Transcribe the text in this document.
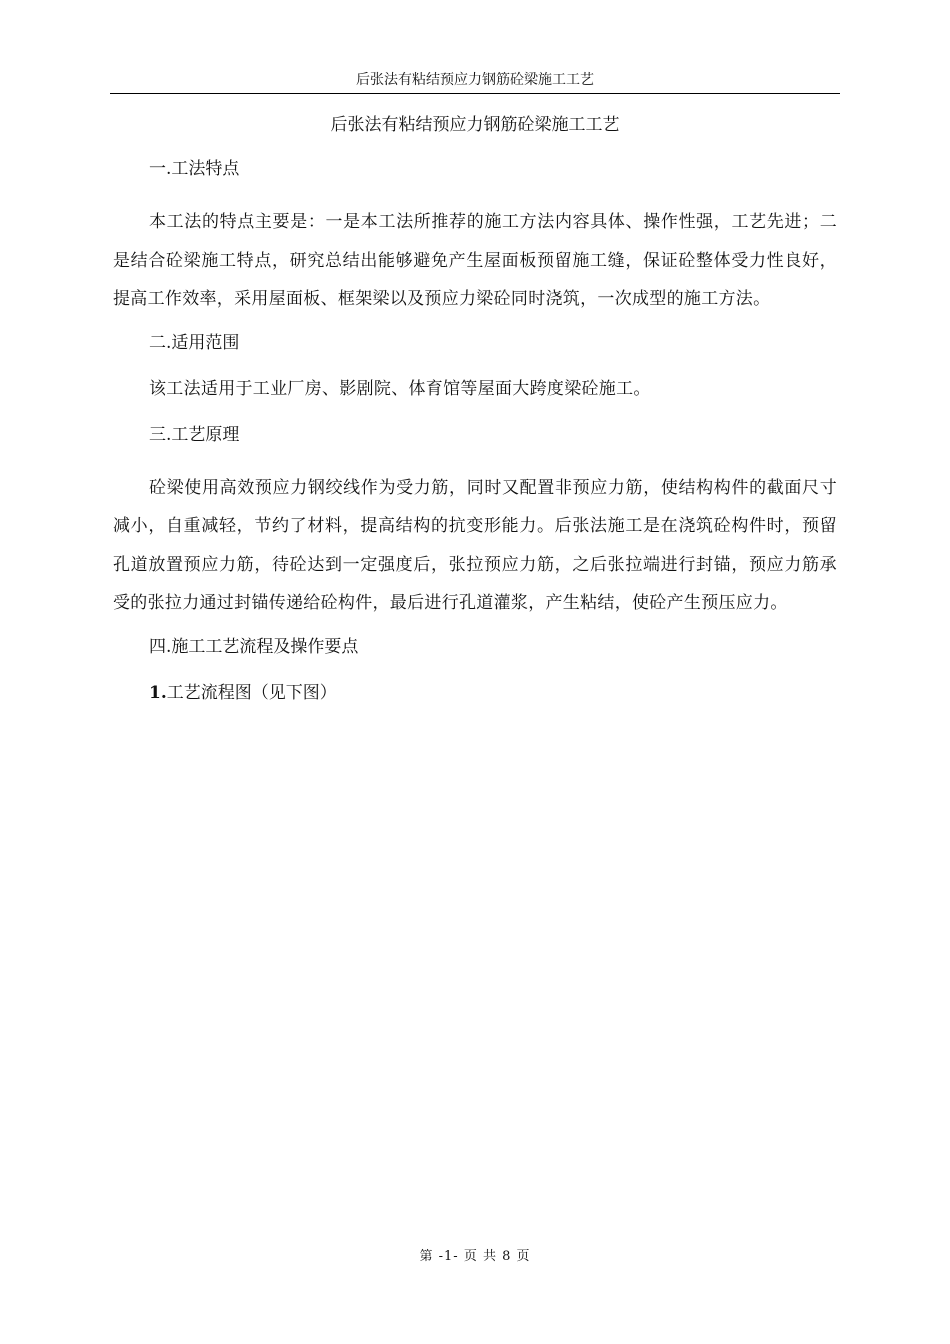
后张法有粘结预应力钢筋砼梁施工工艺
后张法有粘结预应力钢筋砼梁施工工艺
一.工法特点

本工法的特点主要是：一是本工法所推荐的施工方法内容具体、操作性强，工艺先进；二是结合砼梁施工特点，研究总结出能够避免产生屋面板预留施工缝，保证砼整体受力性良好，提高工作效率，采用屋面板、框架梁以及预应力梁砼同时浇筑，一次成型的施工方法。

二.适用范围

该工法适用于工业厂房、影剧院、体育馆等屋面大跨度梁砼施工。

三.工艺原理

砼梁使用高效预应力钢绞线作为受力筋，同时又配置非预应力筋，使结构构件的截面尺寸减小，自重减轻，节约了材料，提高结构的抗变形能力。后张法施工是在浇筑砼构件时，预留孔道放置预应力筋，待砼达到一定强度后，张拉预应力筋，之后张拉端进行封锚，预应力筋承受的张拉力通过封锚传递给砼构件，最后进行孔道灌浆，产生粘结，使砼产生预压应力。

四.施工工艺流程及操作要点
1.工艺流程图（见下图）
第 -1- 页 共 8 页
